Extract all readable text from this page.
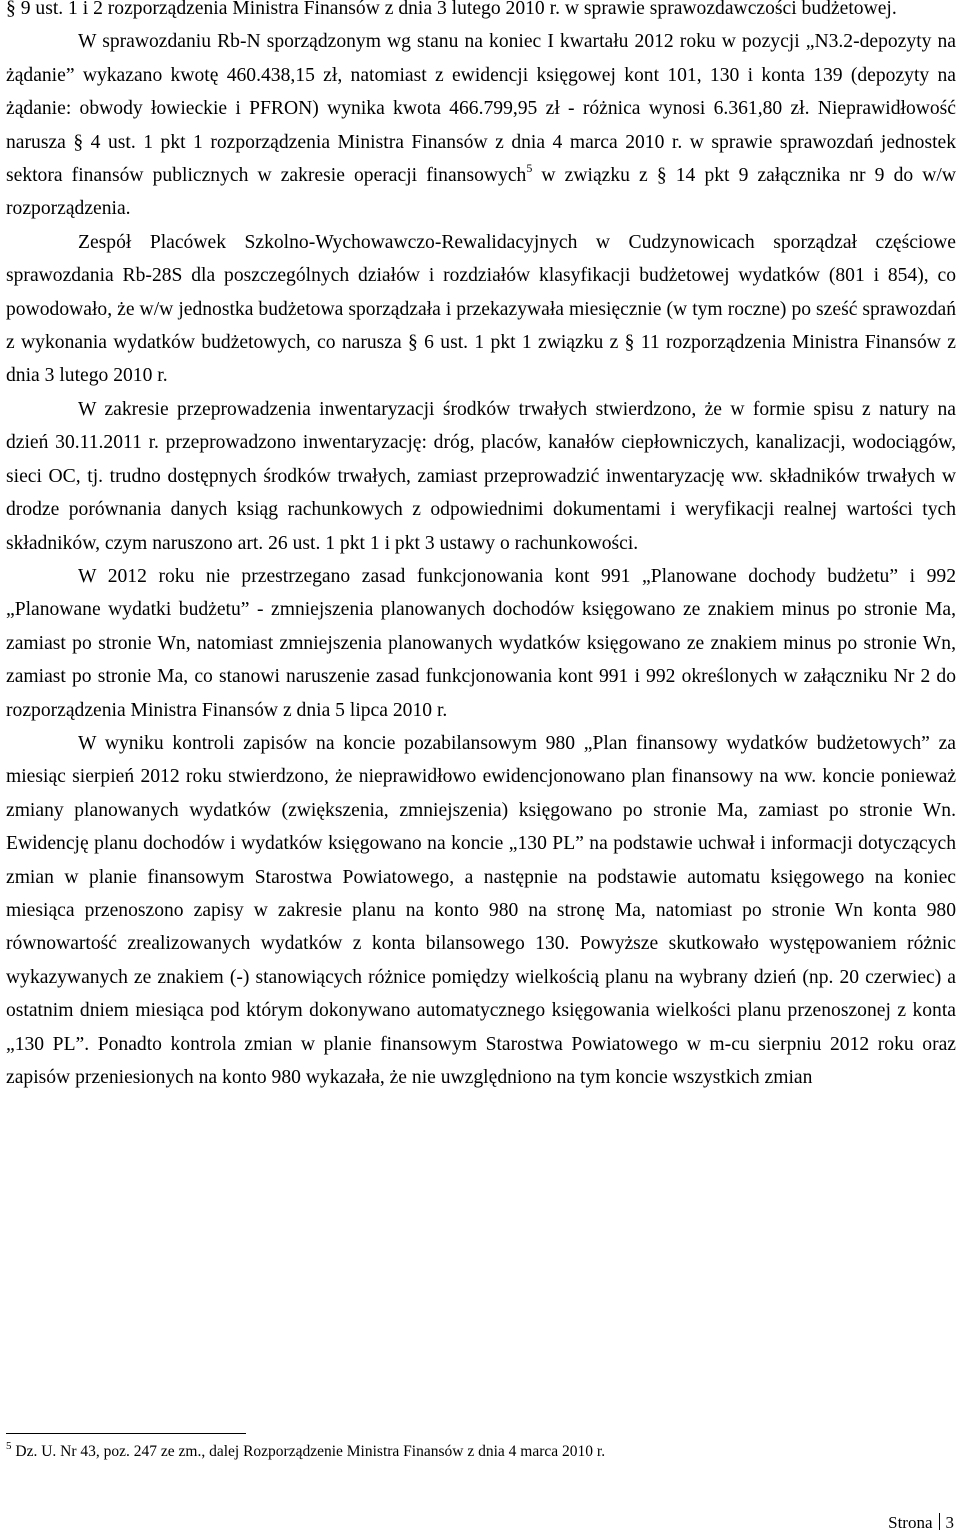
§ 9 ust. 1 i 2 rozporządzenia Ministra Finansów z dnia 3 lutego 2010 r. w sprawie sprawozdawczości budżetowej.

W sprawozdaniu Rb-N sporządzonym wg stanu na koniec I kwartału 2012 roku w pozycji „N3.2-depozyty na żądanie” wykazano kwotę 460.438,15 zł, natomiast z ewidencji księgowej kont 101, 130 i konta 139 (depozyty na żądanie: obwody łowieckie i PFRON) wynika kwota 466.799,95 zł - różnica wynosi 6.361,80 zł. Nieprawidłowość narusza § 4 ust. 1 pkt 1 rozporządzenia Ministra Finansów z dnia 4 marca 2010 r. w sprawie sprawozdań jednostek sektora finansów publicznych w zakresie operacji finansowych$^5$ w związku z § 14 pkt 9 załącznika nr 9 do w/w rozporządzenia.

Zespół Placówek Szkolno-Wychowawczo-Rewalidacyjnych w Cudzynowicach sporządzał częściowe sprawozdania Rb-28S dla poszczególnych działów i rozdziałów klasyfikacji budżetowej wydatków (801 i 854), co powodowało, że w/w jednostka budżetowa sporządzała i przekazywała miesięcznie (w tym roczne) po sześć sprawozdań z wykonania wydatków budżetowych, co narusza § 6 ust. 1 pkt 1 związku z § 11 rozporządzenia Ministra Finansów z dnia 3 lutego 2010 r.

W zakresie przeprowadzenia inwentaryzacji środków trwałych stwierdzono, że w formie spisu z natury na dzień 30.11.2011 r. przeprowadzono inwentaryzację: dróg, placów, kanałów ciepłowniczych, kanalizacji, wodociągów, sieci OC, tj. trudno dostępnych środków trwałych, zamiast przeprowadzić inwentaryzację ww. składników trwałych w drodze porównania danych ksiąg rachunkowych z odpowiednimi dokumentami i weryfikacji realnej wartości tych składników, czym naruszono art. 26 ust. 1 pkt 1 i pkt 3 ustawy o rachunkowości.

W 2012 roku nie przestrzegano zasad funkcjonowania kont 991 „Planowane dochody budżetu” i 992 „Planowane wydatki budżetu” - zmniejszenia planowanych dochodów księgowano ze znakiem minus po stronie Ma, zamiast po stronie Wn, natomiast zmniejszenia planowanych wydatków księgowano ze znakiem minus po stronie Wn, zamiast po stronie Ma, co stanowi naruszenie zasad funkcjonowania kont 991 i 992 określonych w załączniku Nr 2 do rozporządzenia Ministra Finansów z dnia 5 lipca 2010 r.

W wyniku kontroli zapisów na koncie pozabilansowym 980 „Plan finansowy wydatków budżetowych” za miesiąc sierpień 2012 roku stwierdzono, że nieprawidłowo ewidencjonowano plan finansowy na ww. koncie ponieważ zmiany planowanych wydatków (zwiększenia, zmniejszenia) księgowano po stronie Ma, zamiast po stronie Wn. Ewidencję planu dochodów i wydatków księgowano na koncie „130 PL” na podstawie uchwał i informacji dotyczących zmian w planie finansowym Starostwa Powiatowego, a następnie na podstawie automatu księgowego na koniec miesiąca przenoszono zapisy w zakresie planu na konto 980 na stronę Ma, natomiast po stronie Wn konta 980 równowartość zrealizowanych wydatków z konta bilansowego 130. Powyższe skutkowało występowaniem różnic wykazywanych ze znakiem (-) stanowiących różnice pomiędzy wielkością planu na wybrany dzień (np. 20 czerwiec) a ostatnim dniem miesiąca pod którym dokonywano automatycznego księgowania wielkości planu przenoszonej z konta „130 PL”. Ponadto kontrola zmian w planie finansowym Starostwa Powiatowego w m-cu sierpniu 2012 roku oraz zapisów przeniesionych na konto 980 wykazała, że nie uwzględniono na tym koncie wszystkich zmian

$^5$ Dz. U. Nr 43, poz. 247 ze zm., dalej Rozporządzenie Ministra Finansów z dnia 4 marca 2010 r.
Strona 3
